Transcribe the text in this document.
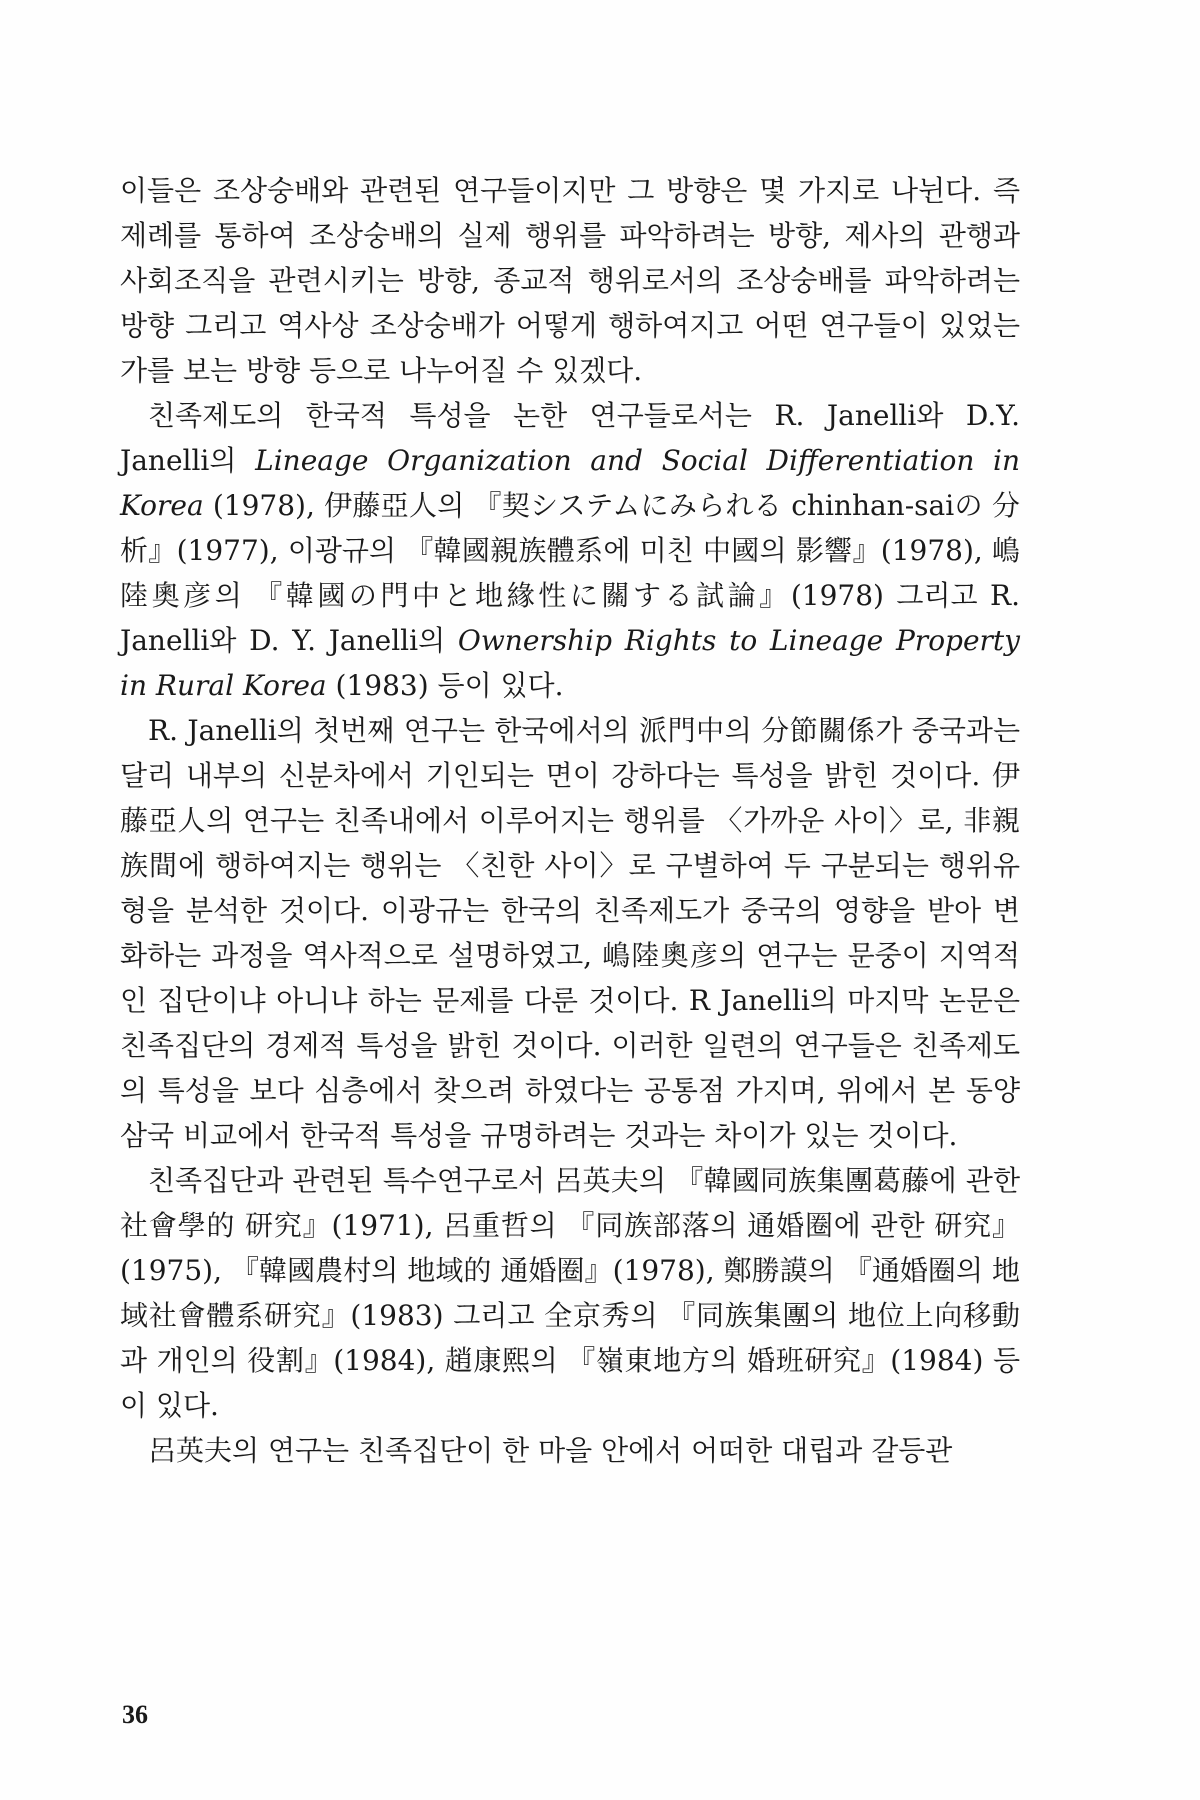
이들은 조상숭배와 관련된 연구들이지만 그 방향은 몇 가지로 나뉜다. 즉 제례를 통하여 조상숭배의 실제 행위를 파악하려는 방향, 제사의 관행과 사회조직을 관련시키는 방향, 종교적 행위로서의 조상숭배를 파악하려는 방향 그리고 역사상 조상숭배가 어떻게 행하여지고 어떤 연구들이 있었는가를 보는 방향 등으로 나누어질 수 있겠다.

친족제도의 한국적 특성을 논한 연구들로서는 R. Janelli와 D.Y. Janelli의 Lineage Organization and Social Differentiation in Korea (1978), 伊藤亞人의 『契システムにみられる chinhan-saiの 分析』(1977), 이광규의 『韓國親族體系에 미친 中國의 影響』(1978), 嶋陸奧彦의 『韓國の門中と地緣性に關する試論』(1978) 그리고 R. Janelli와 D. Y. Janelli의 Ownership Rights to Lineage Property in Rural Korea (1983) 등이 있다.

R. Janelli의 첫번째 연구는 한국에서의 派門中의 分節關係가 중국과는 달리 내부의 신분차에서 기인되는 면이 강하다는 특성을 밝힌 것이다. 伊藤亞人의 연구는 친족내에서 이루어지는 행위를 〈가까운 사이〉로, 非親族間에 행하여지는 행위는 〈친한 사이〉로 구별하여 두 구분되는 행위유형을 분석한 것이다. 이광규는 한국의 친족제도가 중국의 영향을 받아 변화하는 과정을 역사적으로 설명하였고, 嶋陸奧彦의 연구는 문중이 지역적인 집단이냐 아니냐 하는 문제를 다룬 것이다. R Janelli의 마지막 논문은 친족집단의 경제적 특성을 밝힌 것이다. 이러한 일련의 연구들은 친족제도의 특성을 보다 심층에서 찾으려 하였다는 공통점 가지며, 위에서 본 동양 삼국 비교에서 한국적 특성을 규명하려는 것과는 차이가 있는 것이다.

친족집단과 관련된 특수연구로서 呂英夫의 『韓國同族集團葛藤에 관한 社會學的 研究』(1971), 呂重哲의 『同族部落의 通婚圈에 관한 研究』(1975), 『韓國農村의 地域的 通婚圈』(1978), 鄭勝謨의 『通婚圈의 地域社會體系研究』(1983) 그리고 全京秀의 『同族集團의 地位上向移動과 개인의 役割』(1984), 趙康熙의 『嶺東地方의 婚班研究』(1984) 등이 있다.

呂英夫의 연구는 친족집단이 한 마을 안에서 어떠한 대립과 갈등관

36
